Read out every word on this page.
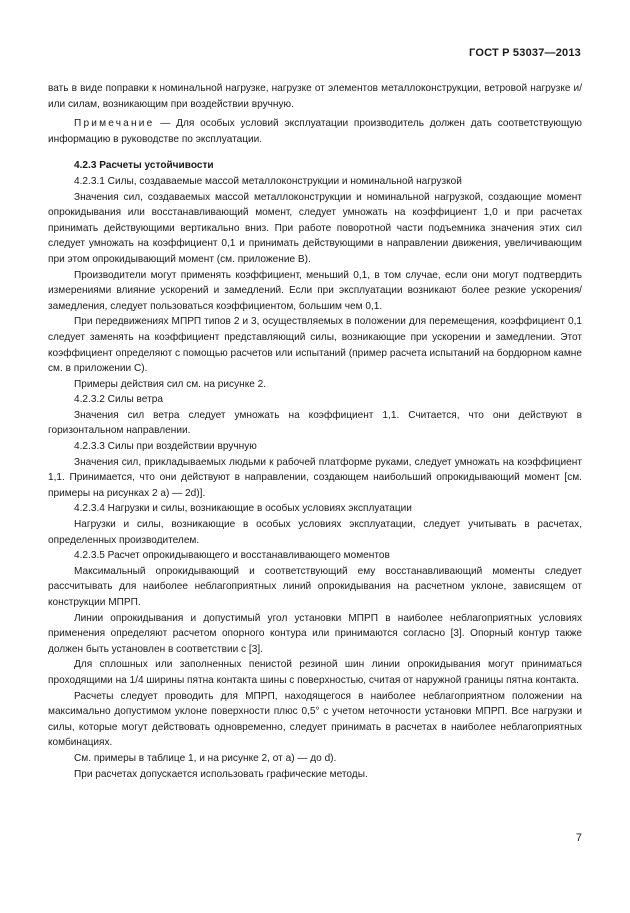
ГОСТ Р 53037—2013

вать в виде поправки к номинальной нагрузке, нагрузке от элементов металлоконструкции, ветровой нагрузке и/или силам, возникающим при воздействии вручную.

Примечание — Для особых условий эксплуатации производитель должен дать соответствующую информацию в руководстве по эксплуатации.

4.2.3 Расчеты устойчивости

4.2.3.1 Силы, создаваемые массой металлоконструкции и номинальной нагрузкой

Значения сил, создаваемых массой металлоконструкции и номинальной нагрузкой, создающие момент опрокидывания или восстанавливающий момент, следует умножать на коэффициент 1,0 и при расчетах принимать действующими вертикально вниз. При работе поворотной части подъемника значения этих сил следует умножать на коэффициент 0,1 и принимать действующими в направлении движения, увеличивающим при этом опрокидывающий момент (см. приложение В).

Производители могут применять коэффициент, меньший 0,1, в том случае, если они могут подтвердить измерениями влияние ускорений и замедлений. Если при эксплуатации возникают более резкие ускорения/замедления, следует пользоваться коэффициентом, большим чем 0,1.

При передвижениях МПРП типов 2 и 3, осуществляемых в положении для перемещения, коэффициент 0,1 следует заменять на коэффициент представляющий силы, возникающие при ускорении и замедлении. Этот коэффициент определяют с помощью расчетов или испытаний (пример расчета испытаний на бордюрном камне см. в приложении С).

Примеры действия сил см. на рисунке 2.

4.2.3.2 Силы ветра

Значения сил ветра следует умножать на коэффициент 1,1. Считается, что они действуют в горизонтальном направлении.

4.2.3.3 Силы при воздействии вручную

Значения сил, прикладываемых людьми к рабочей платформе руками, следует умножать на коэффициент 1,1. Принимается, что они действуют в направлении, создающем наибольший опрокидывающий момент [см. примеры на рисунках 2 а) — 2d)].

4.2.3.4 Нагрузки и силы, возникающие в особых условиях эксплуатации

Нагрузки и силы, возникающие в особых условиях эксплуатации, следует учитывать в расчетах, определенных производителем.

4.2.3.5 Расчет опрокидывающего и восстанавливающего моментов

Максимальный опрокидывающий и соответствующий ему восстанавливающий моменты следует рассчитывать для наиболее неблагоприятных линий опрокидывания на расчетном уклоне, зависящем от конструкции МПРП.

Линии опрокидывания и допустимый угол установки МПРП в наиболее неблагоприятных условиях применения определяют расчетом опорного контура или принимаются согласно [3]. Опорный контур также должен быть установлен в соответствии с [3].

Для сплошных или заполненных пенистой резиной шин линии опрокидывания могут приниматься проходящими на 1/4 ширины пятна контакта шины с поверхностью, считая от наружной границы пятна контакта.

Расчеты следует проводить для МПРП, находящегося в наиболее неблагоприятном положении на максимально допустимом уклоне поверхности плюс 0,5° с учетом неточности установки МПРП. Все нагрузки и силы, которые могут действовать одновременно, следует принимать в расчетах в наиболее неблагоприятных комбинациях.

См. примеры в таблице 1, и на рисунке 2, от а) — до d).

При расчетах допускается использовать графические методы.

7
